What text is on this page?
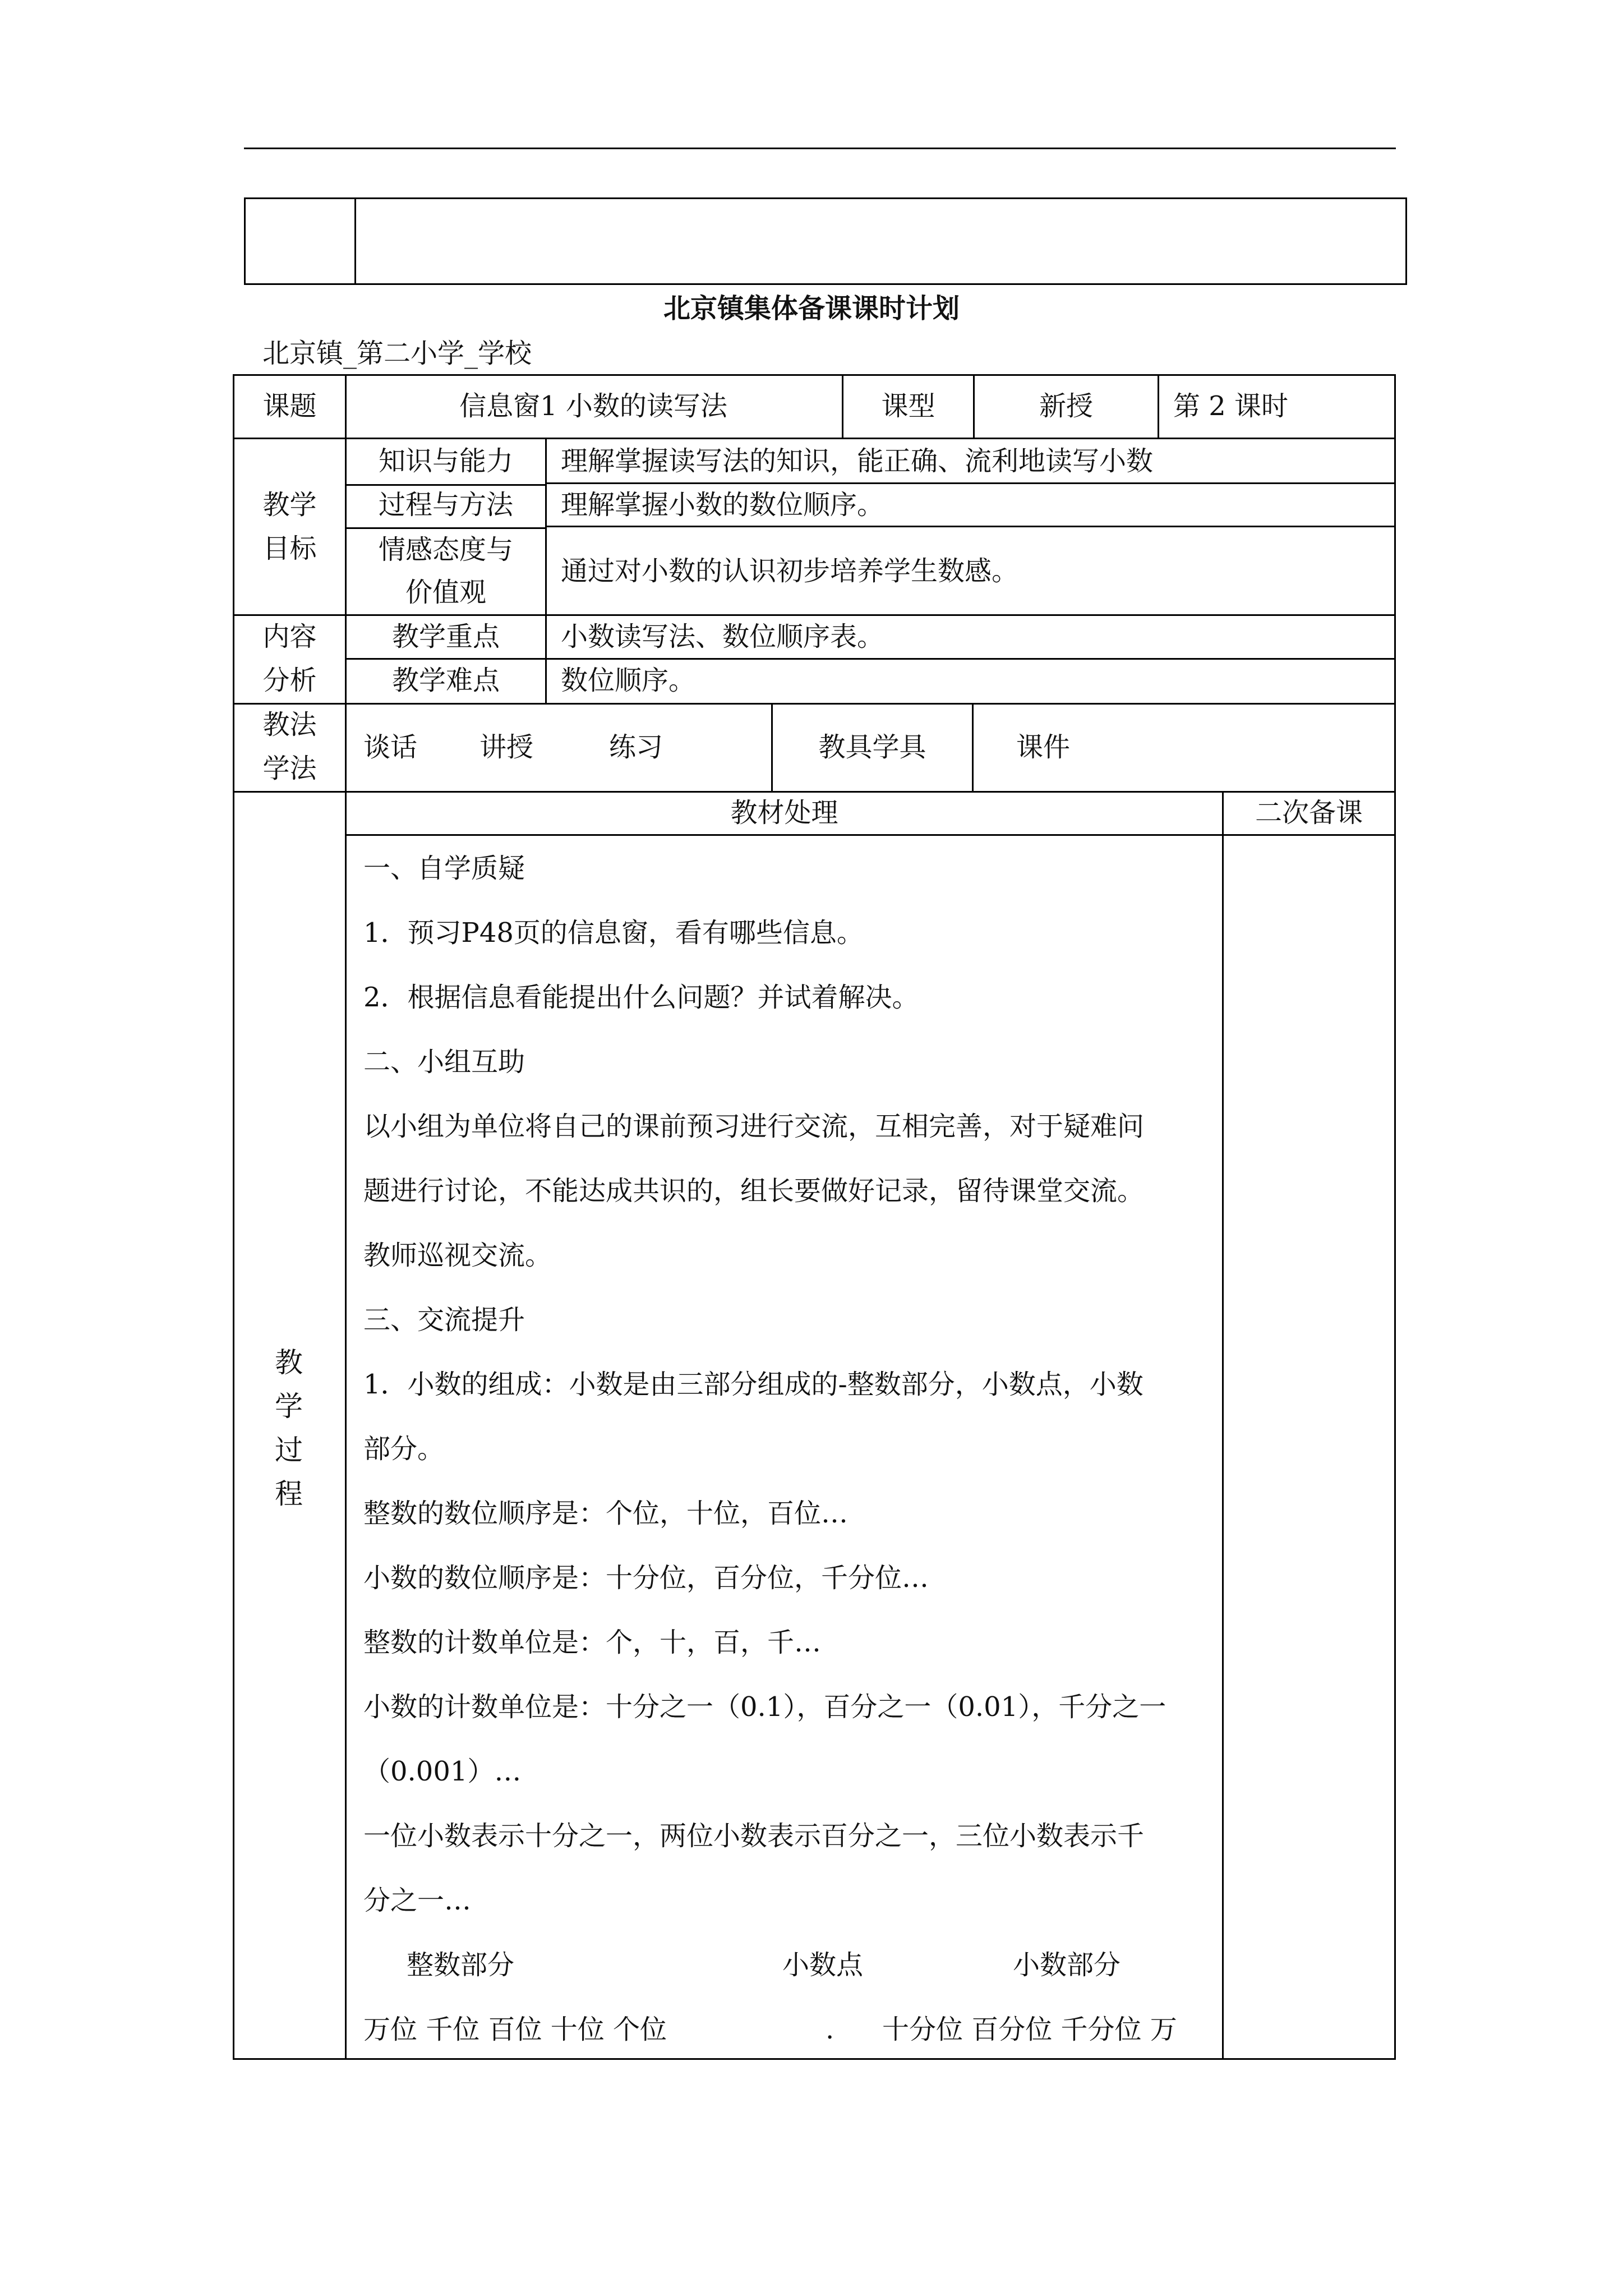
北京镇集体备课课时计划
北京镇_第二小学_学校
课题	信息窗1 小数的读写法	课型	新授	第 2 课时
教学
目标
知识与能力	理解掌握读写法的知识，能正确、流利地读写小数
过程与方法	理解掌握小数的数位顺序。
情感态度与
价值观
通过对小数的认识初步培养学生数感。
内容
分析
教学重点	小数读写法、数位顺序表。
教学难点	数位顺序。
教法
学法
谈话 讲授	练习	教具学具	课件
教
学
过
程
教材处理	二次备课
一、自学质疑
1．预习P48页的信息窗，看有哪些信息。
2．根据信息看能提出什么问题？并试着解决。
二、小组互助
以小组为单位将自己的课前预习进行交流，互相完善，对于疑难问
题进行讨论，不能达成共识的，组长要做好记录，留待课堂交流。
教师巡视交流。
三、交流提升
1．小数的组成：小数是由三部分组成的-整数部分，小数点，小数
部分。
整数的数位顺序是：个位，十位，百位…
小数的数位顺序是：十分位，百分位，千分位…
整数的计数单位是：个，十，百，千…
小数的计数单位是：十分之一（0.1），百分之一（0.01），千分之一
（0.001）…
一位小数表示十分之一，两位小数表示百分之一，三位小数表示千
分之一…
整数部分	小数点	小数部分
万位 千位 百位 十位 个位	. 十分位 百分位 千分位 万
